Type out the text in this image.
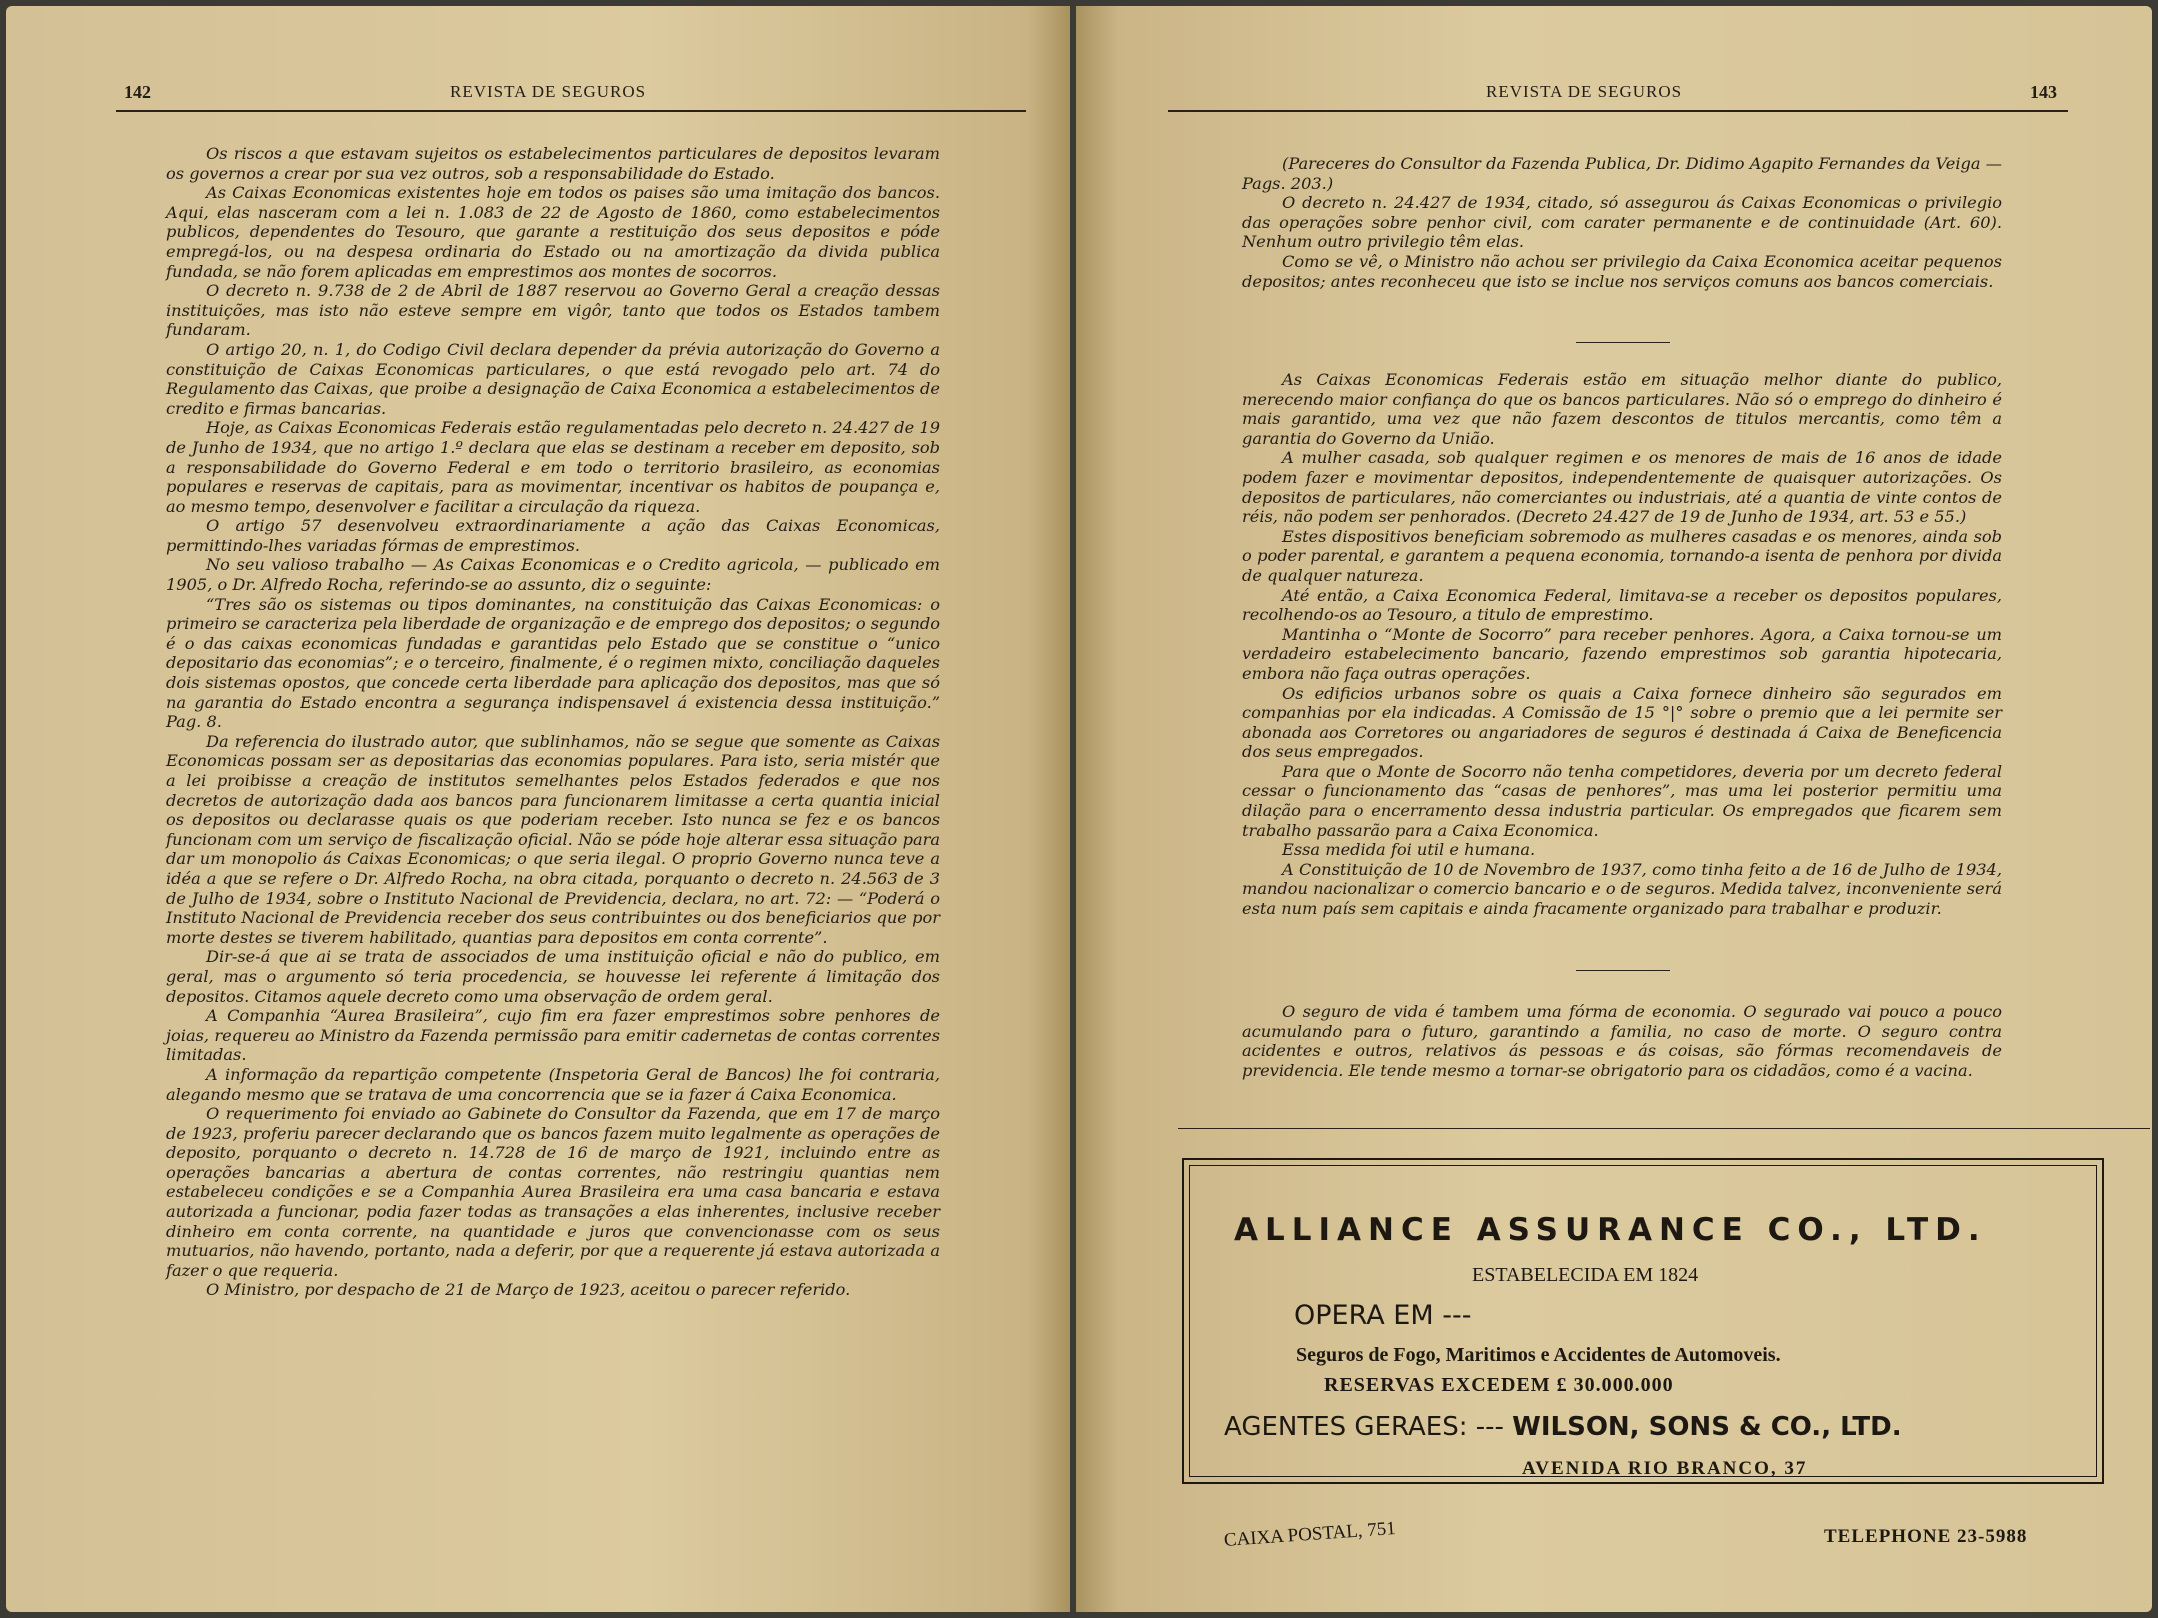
142	REVISTA DE SEGUROS

Os riscos a que estavam sujeitos os estabelecimentos particulares de depositos levaram os governos a crear por sua vez outros, sob a responsabilidade do Estado.

As Caixas Economicas existentes hoje em todos os paises são uma imitação dos bancos. Aqui, elas nasceram com a lei n. 1.083 de 22 de Agosto de 1860, como estabelecimentos publicos, dependentes do Tesouro, que garante a restituição dos seus depositos e póde empregá-los, ou na despesa ordinaria do Estado ou na amortização da divida publica fundada, se não forem aplicadas em emprestimos aos montes de socorros.

O decreto n. 9.738 de 2 de Abril de 1887 reservou ao Governo Geral a creação dessas instituições, mas isto não esteve sempre em vigôr, tanto que todos os Estados tambem fundaram.

O artigo 20, n. 1, do Codigo Civil declara depender da prévia autorização do Governo a constituição de Caixas Economicas particulares, o que está revogado pelo art. 74 do Regulamento das Caixas, que proibe a designação de Caixa Economica a estabelecimentos de credito e firmas bancarias.

Hoje, as Caixas Economicas Federais estão regulamentadas pelo decreto n. 24.427 de 19 de Junho de 1934, que no artigo 1.º declara que elas se destinam a receber em deposito, sob a responsabilidade do Governo Federal e em todo o territorio brasileiro, as economias populares e reservas de capitais, para as movimentar, incentivar os habitos de poupança e, ao mesmo tempo, desenvolver e facilitar a circulação da riqueza.

O artigo 57 desenvolveu extraordinariamente a ação das Caixas Economicas, permittindo-lhes variadas fórmas de emprestimos.

No seu valioso trabalho — As Caixas Economicas e o Credito agricola, — publicado em 1905, o Dr. Alfredo Rocha, referindo-se ao assunto, diz o seguinte:

“Tres são os sistemas ou tipos dominantes, na constituição das Caixas Economicas: o primeiro se caracteriza pela liberdade de organização e de emprego dos depositos; o segundo é o das caixas economicas fundadas e garantidas pelo Estado que se constitue o “unico depositario das economias”; e o terceiro, finalmente, é o regimen mixto, conciliação daqueles dois sistemas opostos, que concede certa liberdade para aplicação dos depositos, mas que só na garantia do Estado encontra a segurança indispensavel á existencia dessa instituição.” Pag. 8.

Da referencia do ilustrado autor, que sublinhamos, não se segue que somente as Caixas Economicas possam ser as depositarias das economias populares. Para isto, seria mistér que a lei proibisse a creação de institutos semelhantes pelos Estados federados e que nos decretos de autorização dada aos bancos para funcionarem limitasse a certa quantia inicial os depositos ou declarasse quais os que poderiam receber. Isto nunca se fez e os bancos funcionam com um serviço de fiscalização oficial. Não se póde hoje alterar essa situação para dar um monopolio ás Caixas Economicas; o que seria ilegal. O proprio Governo nunca teve a idéa a que se refere o Dr. Alfredo Rocha, na obra citada, porquanto o decreto n. 24.563 de 3 de Julho de 1934, sobre o Instituto Nacional de Previdencia, declara, no art. 72: — “Poderá o Instituto Nacional de Previdencia receber dos seus contribuintes ou dos beneficiarios que por morte destes se tiverem habilitado, quantias para depositos em conta corrente”.

Dir-se-á que ai se trata de associados de uma instituição oficial e não do publico, em geral, mas o argumento só teria procedencia, se houvesse lei referente á limitação dos depositos. Citamos aquele decreto como uma observação de ordem geral.

A Companhia “Aurea Brasileira”, cujo fim era fazer emprestimos sobre penhores de joias, requereu ao Ministro da Fazenda permissão para emitir cadernetas de contas correntes limitadas.

A informação da repartição competente (Inspetoria Geral de Bancos) lhe foi contraria, alegando mesmo que se tratava de uma concorrencia que se ia fazer á Caixa Economica.

O requerimento foi enviado ao Gabinete do Consultor da Fazenda, que em 17 de março de 1923, proferiu parecer declarando que os bancos fazem muito legalmente as operações de deposito, porquanto o decreto n. 14.728 de 16 de março de 1921, incluindo entre as operações bancarias a abertura de contas correntes, não restringiu quantias nem estabeleceu condições e se a Companhia Aurea Brasileira era uma casa bancaria e estava autorizada a funcionar, podia fazer todas as transações a elas inherentes, inclusive receber dinheiro em conta corrente, na quantidade e juros que convencionasse com os seus mutuarios, não havendo, portanto, nada a deferir, por que a requerente já estava autorizada a fazer o que requeria.

O Ministro, por despacho de 21 de Março de 1923, aceitou o parecer referido.

REVISTA DE SEGUROS	143

(Pareceres do Consultor da Fazenda Publica, Dr. Didimo Agapito Fernandes da Veiga — Pags. 203.)

O decreto n. 24.427 de 1934, citado, só assegurou ás Caixas Economicas o privilegio das operações sobre penhor civil, com carater permanente e de continuidade (Art. 60). Nenhum outro privilegio têm elas.

Como se vê, o Ministro não achou ser privilegio da Caixa Economica aceitar pequenos depositos; antes reconheceu que isto se inclue nos serviços comuns aos bancos comerciais.

As Caixas Economicas Federais estão em situação melhor diante do publico, merecendo maior confiança do que os bancos particulares. Não só o emprego do dinheiro é mais garantido, uma vez que não fazem descontos de titulos mercantis, como têm a garantia do Governo da União.

A mulher casada, sob qualquer regimen e os menores de mais de 16 anos de idade podem fazer e movimentar depositos, independentemente de quaisquer autorizações. Os depositos de particulares, não comerciantes ou industriais, até a quantia de vinte contos de réis, não podem ser penhorados. (Decreto 24.427 de 19 de Junho de 1934, art. 53 e 55.)

Estes dispositivos beneficiam sobremodo as mulheres casadas e os menores, ainda sob o poder parental, e garantem a pequena economia, tornando-a isenta de penhora por divida de qualquer natureza.

Até então, a Caixa Economica Federal, limitava-se a receber os depositos populares, recolhendo-os ao Tesouro, a titulo de emprestimo.

Mantinha o “Monte de Socorro” para receber penhores. Agora, a Caixa tornou-se um verdadeiro estabelecimento bancario, fazendo emprestimos sob garantia hipotecaria, embora não faça outras operações.

Os edificios urbanos sobre os quais a Caixa fornece dinheiro são segurados em companhias por ela indicadas. A Comissão de 15 °|° sobre o premio que a lei permite ser abonada aos Corretores ou angariadores de seguros é destinada á Caixa de Beneficencia dos seus empregados.

Para que o Monte de Socorro não tenha competidores, deveria por um decreto federal cessar o funcionamento das “casas de penhores”, mas uma lei posterior permitiu uma dilação para o encerramento dessa industria particular. Os empregados que ficarem sem trabalho passarão para a Caixa Economica.

Essa medida foi util e humana.

A Constituição de 10 de Novembro de 1937, como tinha feito a de 16 de Julho de 1934, mandou nacionalizar o comercio bancario e o de seguros. Medida talvez, inconveniente será esta num país sem capitais e ainda fracamente organizado para trabalhar e produzir.

O seguro de vida é tambem uma fórma de economia. O segurado vai pouco a pouco acumulando para o futuro, garantindo a familia, no caso de morte. O seguro contra acidentes e outros, relativos ás pessoas e ás coisas, são fórmas recomendaveis de previdencia. Ele tende mesmo a tornar-se obrigatorio para os cidadãos, como é a vacina.

ALLIANCE ASSURANCE CO., LTD.
ESTABELECIDA EM 1824
OPERA EM ---
Seguros de Fogo, Maritimos e Accidentes de Automoveis.
RESERVAS EXCEDEM £ 30.000.000
AGENTES GERAES: --- WILSON, SONS & CO., LTD.
AVENIDA RIO BRANCO, 37
CAIXA POSTAL, 751	TELEPHONE 23-5988
